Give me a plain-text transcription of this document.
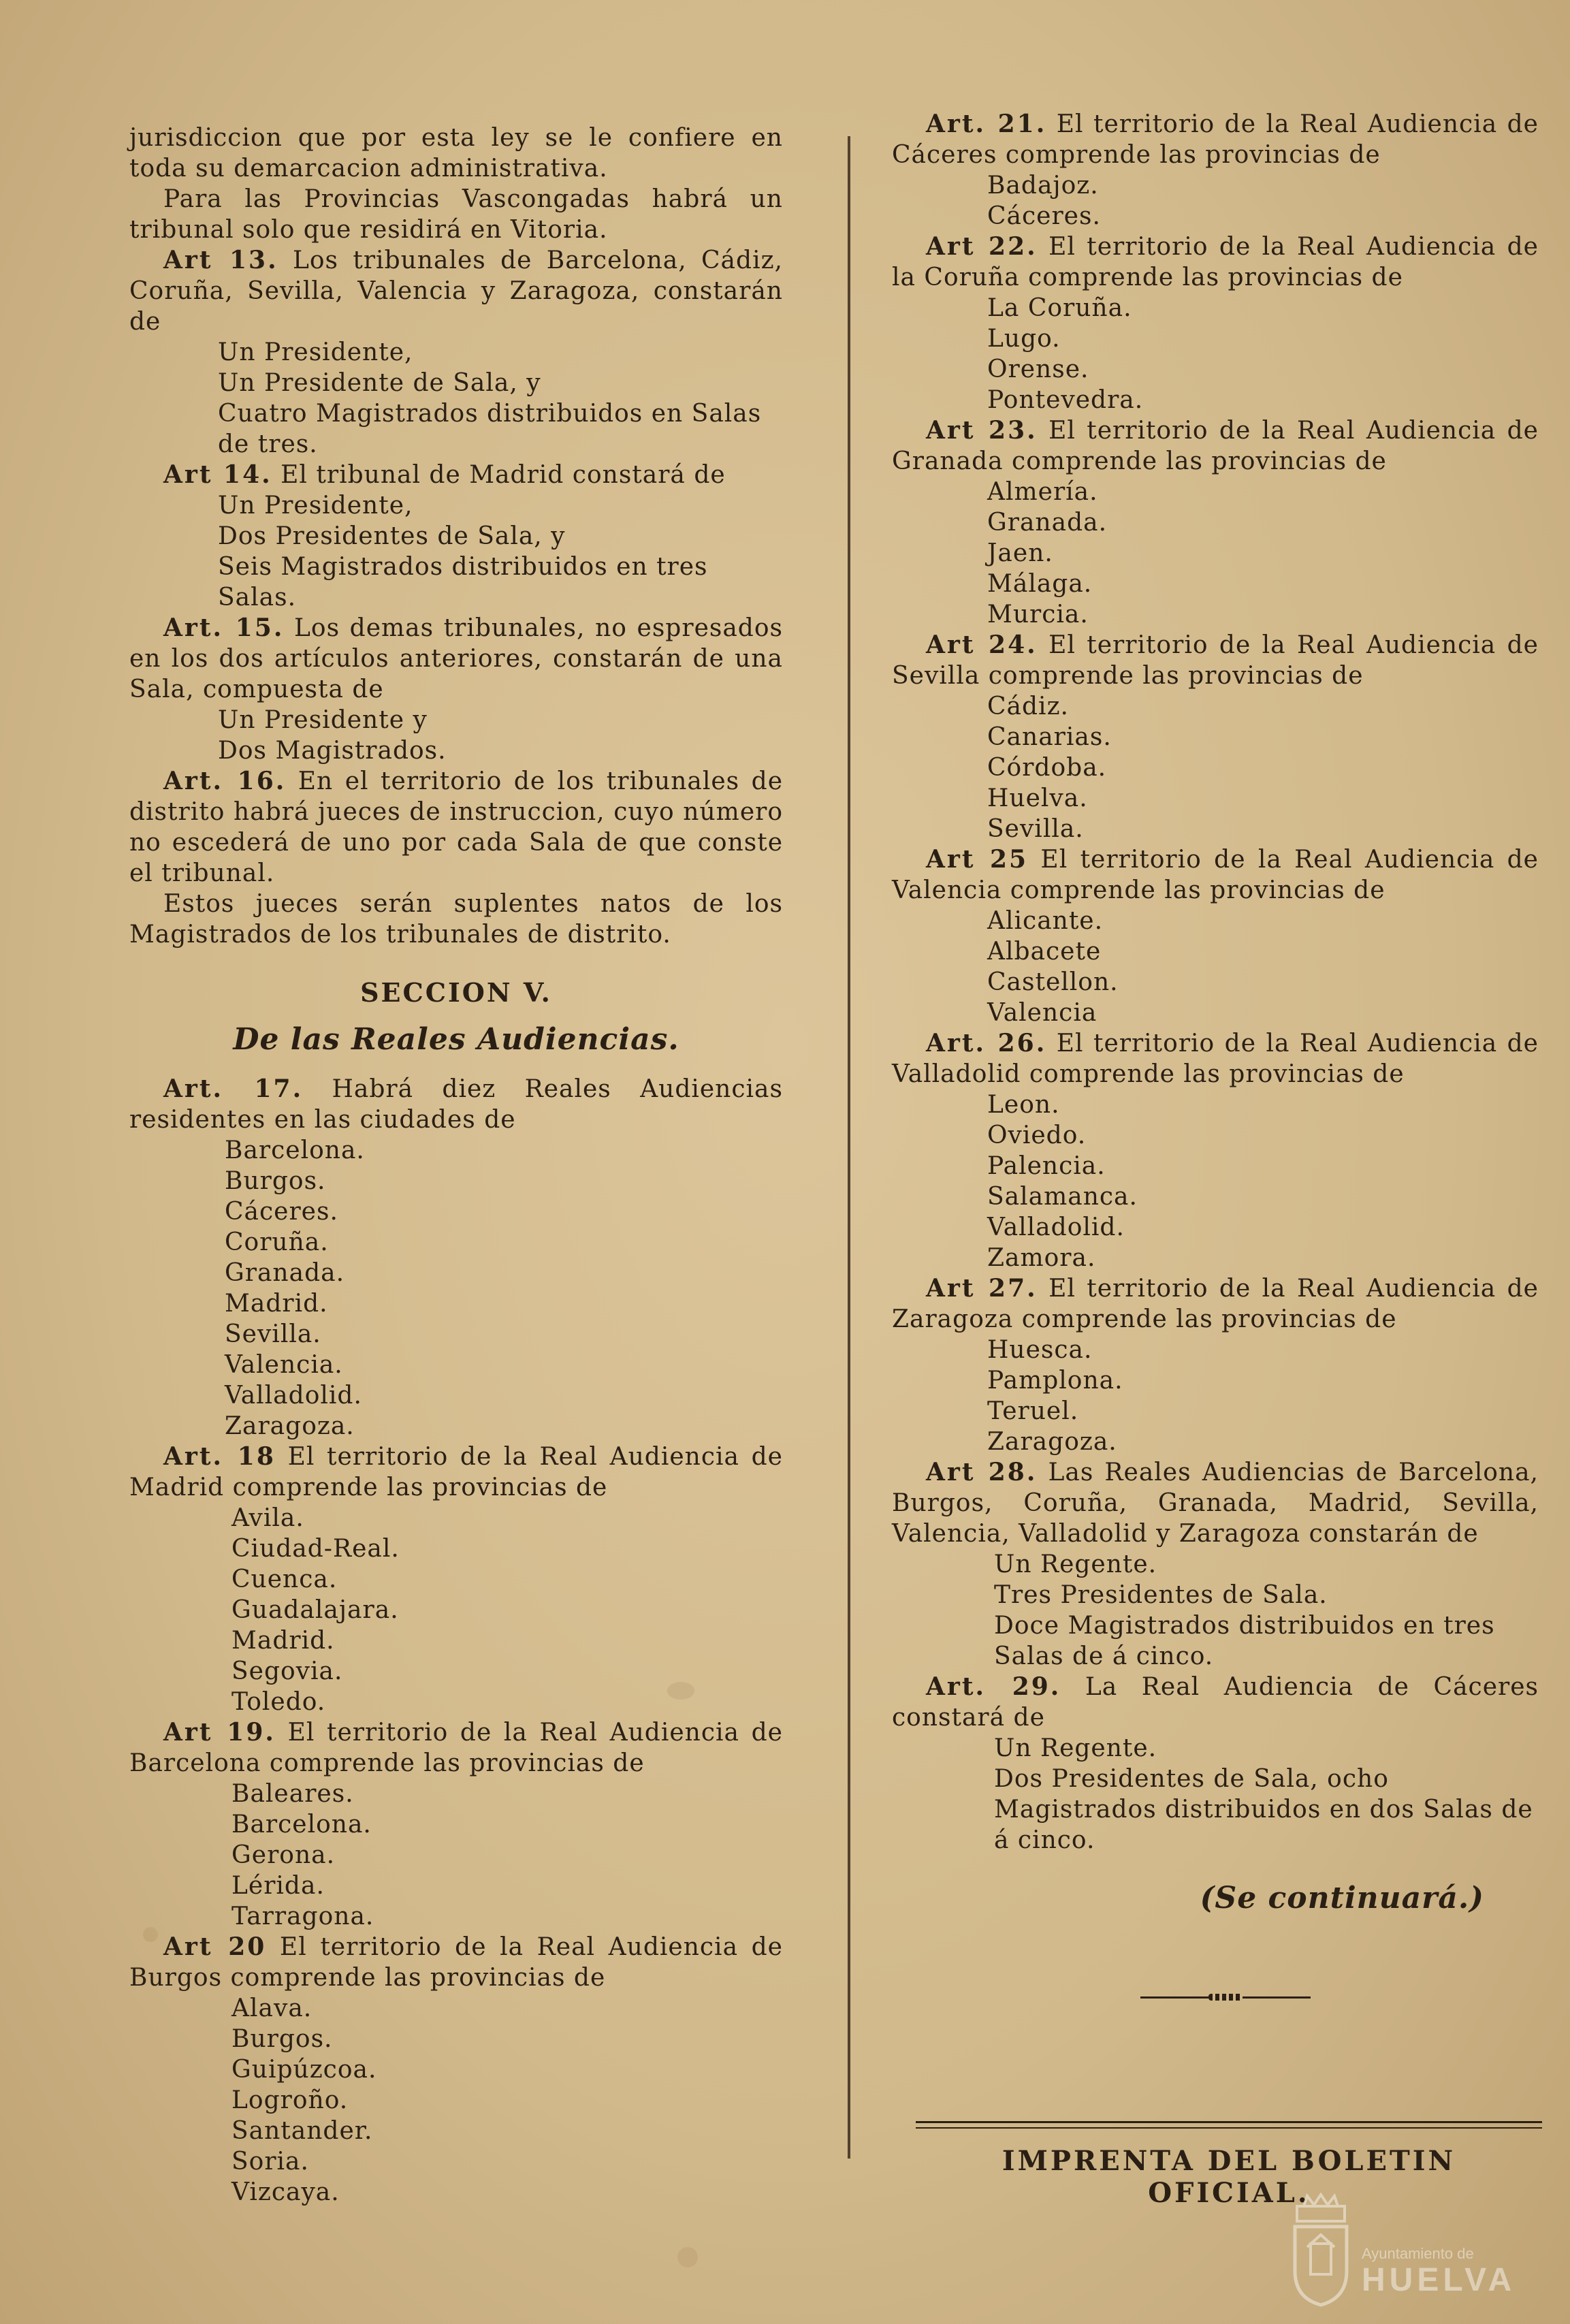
jurisdiccion que por esta ley se le confiere en toda su demarcacion administrativa.

Para las Provincias Vascongadas habrá un tribunal solo que residirá en Vitoria.

Art 13. Los tribunales de Barcelona, Cádiz, Coruña, Sevilla, Valencia y Zaragoza, constarán de

Un Presidente,
Un Presidente de Sala, y
Cuatro Magistrados distribuidos en Salas de tres.

Art 14. El tribunal de Madrid constará de

Un Presidente,
Dos Presidentes de Sala, y
Seis Magistrados distribuidos en tres Salas.

Art. 15. Los demas tribunales, no espresados en los dos artículos anteriores, constarán de una Sala, compuesta de

Un Presidente y
Dos Magistrados.

Art. 16. En el territorio de los tribunales de distrito habrá jueces de instruccion, cuyo número no escederá de uno por cada Sala de que conste el tribunal.

Estos jueces serán suplentes natos de los Magistrados de los tribunales de distrito.

SECCION V.
De las Reales Audiencias.

Art. 17. Habrá diez Reales Audiencias residentes en las ciudades de

Barcelona.
Burgos.
Cáceres.
Coruña.
Granada.
Madrid.
Sevilla.
Valencia.
Valladolid.
Zaragoza.

Art. 18 El territorio de la Real Audiencia de Madrid comprende las provincias de

Avila.
Ciudad-Real.
Cuenca.
Guadalajara.
Madrid.
Segovia.
Toledo.

Art 19. El territorio de la Real Audiencia de Barcelona comprende las provincias de

Baleares.
Barcelona.
Gerona.
Lérida.
Tarragona.

Art 20 El territorio de la Real Audiencia de Burgos comprende las provincias de

Alava.
Burgos.
Guipúzcoa.
Logroño.
Santander.
Soria.
Vizcaya.

Art. 21. El territorio de la Real Audiencia de Cáceres comprende las provincias de

Badajoz.
Cáceres.

Art 22. El territorio de la Real Audiencia de la Coruña comprende las provincias de

La Coruña.
Lugo.
Orense.
Pontevedra.

Art 23. El territorio de la Real Audiencia de Granada comprende las provincias de

Almería.
Granada.
Jaen.
Málaga.
Murcia.

Art 24. El territorio de la Real Audiencia de Sevilla comprende las provincias de

Cádiz.
Canarias.
Córdoba.
Huelva.
Sevilla.

Art 25 El territorio de la Real Audiencia de Valencia comprende las provincias de

Alicante.
Albacete
Castellon.
Valencia

Art. 26. El territorio de la Real Audiencia de Valladolid comprende las provincias de

Leon.
Oviedo.
Palencia.
Salamanca.
Valladolid.
Zamora.

Art 27. El territorio de la Real Audiencia de Zaragoza comprende las provincias de

Huesca.
Pamplona.
Teruel.
Zaragoza.

Art 28. Las Reales Audiencias de Barcelona, Burgos, Coruña, Granada, Madrid, Sevilla, Valencia, Valladolid y Zaragoza constarán de

Un Regente.
Tres Presidentes de Sala.
Doce Magistrados distribuidos en tres Salas de á cinco.

Art. 29. La Real Audiencia de Cáceres constará de

Un Regente.
Dos Presidentes de Sala, ocho Magistrados distribuidos en dos Salas de á cinco.
(Se continuará.)
IMPRENTA DEL BOLETIN OFICIAL.
Ayuntamiento de
HUELVA
